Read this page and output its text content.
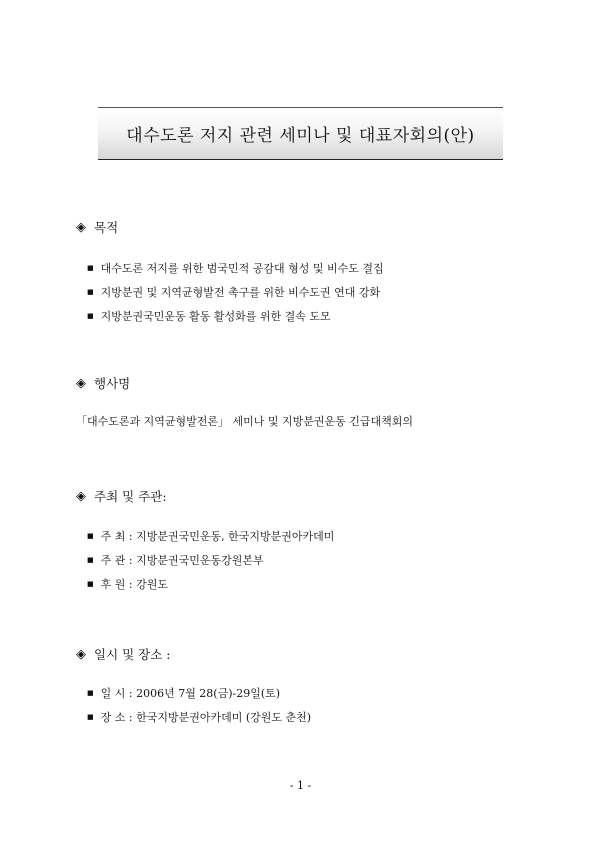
대수도론 저지 관련 세미나 및 대표자회의(안)
◈ 목적
■ 대수도론 저지를 위한 범국민적 공감대 형성 및 비수도 결집
■ 지방분권 및 지역균형발전 촉구를 위한 비수도권 연대 강화
■ 지방분권국민운동 활동 활성화를 위한 결속 도모
◈ 행사명
「대수도론과 지역균형발전론」 세미나 및 지방분권운동 긴급대책회의
◈ 주최 및 주관:
■ 주 최 : 지방분권국민운동, 한국지방분권아카데미
■ 주 관 : 지방분권국민운동강원본부
■ 후 원 : 강원도
◈ 일시 및 장소 :
■ 일 시 : 2006년 7월 28(금)-29일(토)
■ 장 소 : 한국지방분권아카데미 (강원도 춘천)
- 1 -
